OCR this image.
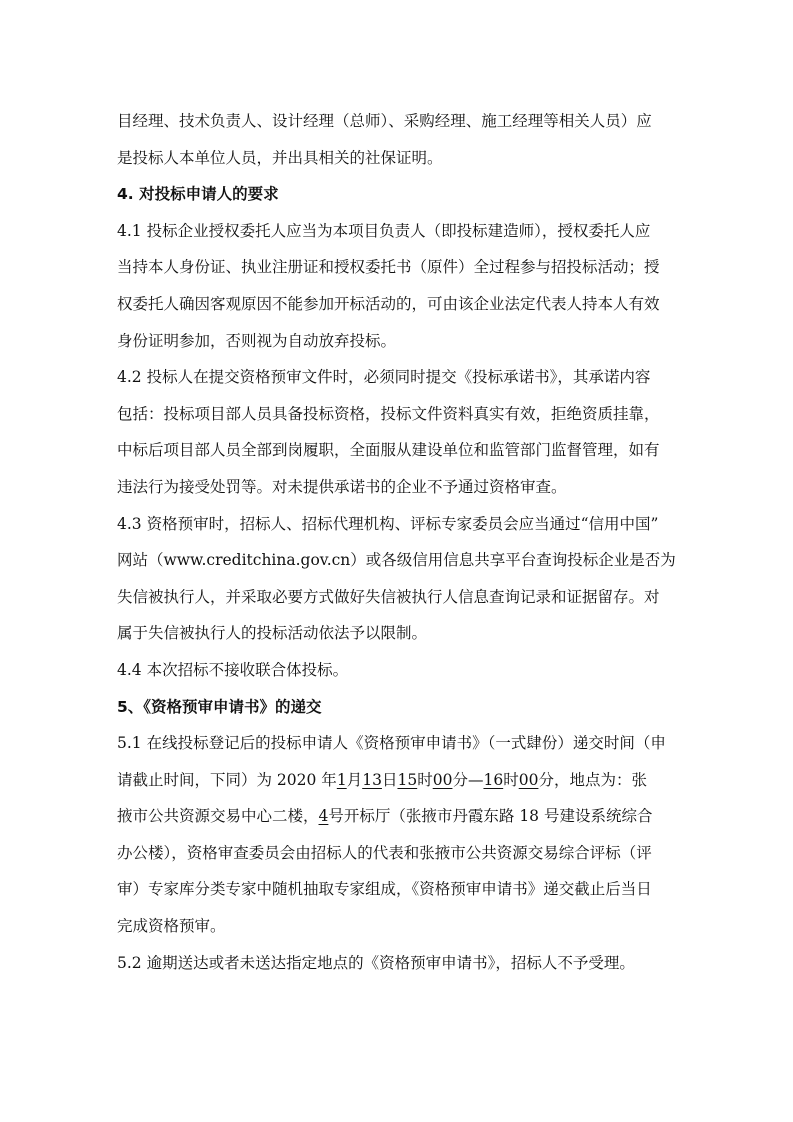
目经理、技术负责人、设计经理（总师）、采购经理、施工经理等相关人员）应
是投标人本单位人员，并出具相关的社保证明。
4. 对投标申请人的要求
4.1 投标企业授权委托人应当为本项目负责人（即投标建造师），授权委托人应
当持本人身份证、执业注册证和授权委托书（原件）全过程参与招投标活动；授
权委托人确因客观原因不能参加开标活动的，可由该企业法定代表人持本人有效
身份证明参加，否则视为自动放弃投标。
4.2 投标人在提交资格预审文件时，必须同时提交《投标承诺书》，其承诺内容
包括：投标项目部人员具备投标资格，投标文件资料真实有效，拒绝资质挂靠，
中标后项目部人员全部到岗履职，全面服从建设单位和监管部门监督管理，如有
违法行为接受处罚等。对未提供承诺书的企业不予通过资格审查。
4.3 资格预审时，招标人、招标代理机构、评标专家委员会应当通过“信用中国”
网站（www.creditchina.gov.cn）或各级信用信息共享平台查询投标企业是否为
失信被执行人，并采取必要方式做好失信被执行人信息查询记录和证据留存。对
属于失信被执行人的投标活动依法予以限制。
4.4 本次招标不接收联合体投标。
5、《资格预审申请书》的递交
5.1 在线投标登记后的投标申请人《资格预审申请书》（一式肆份）递交时间（申
请截止时间，下同）为 2020 年1月13日15时00分—16时00分，地点为：张
掖市公共资源交易中心二楼，4号开标厅（张掖市丹霞东路 18 号建设系统综合
办公楼），资格审查委员会由招标人的代表和张掖市公共资源交易综合评标（评
审）专家库分类专家中随机抽取专家组成，《资格预审申请书》递交截止后当日
完成资格预审。
5.2 逾期送达或者未送达指定地点的《资格预审申请书》，招标人不予受理。
